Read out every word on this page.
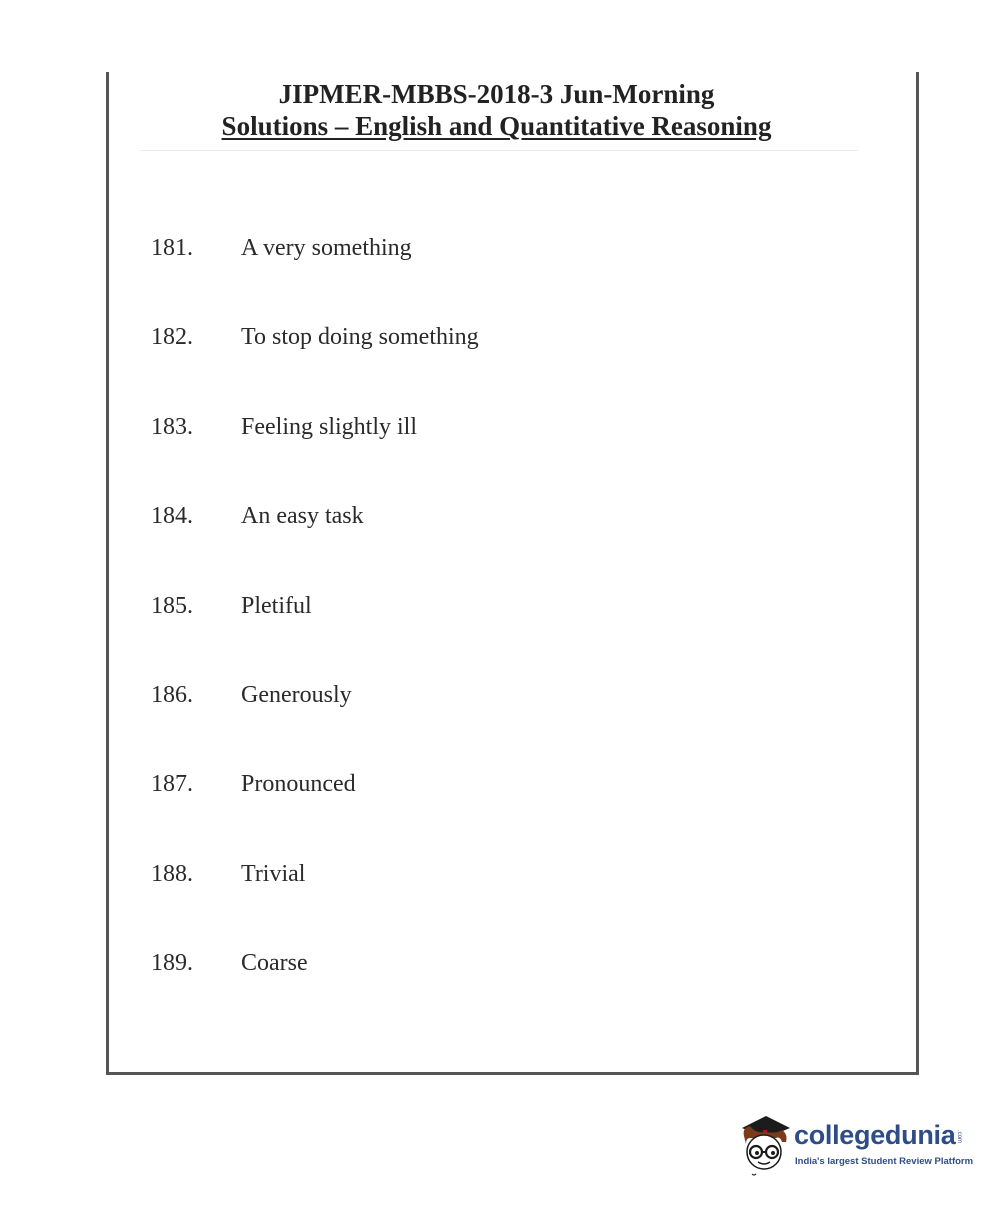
JIPMER-MBBS-2018-3 Jun-Morning

Solutions – English and Quantitative Reasoning

181. A very something
182. To stop doing something
183. Feeling slightly ill
184. An easy task
185. Pletiful
186. Generously
187. Pronounced
188. Trivial
189. Coarse
collegedunia .com
India's largest Student Review Platform
